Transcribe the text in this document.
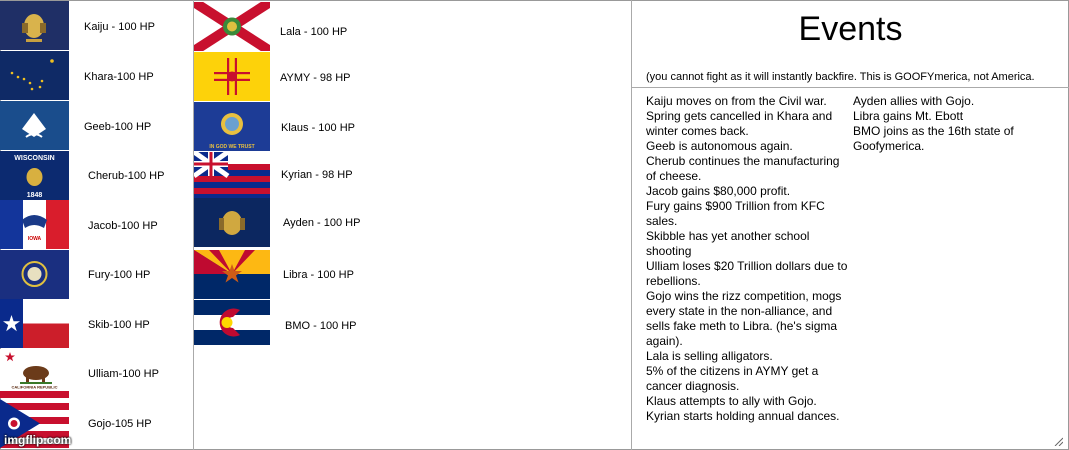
WISCONSIN
1848
IOWA
CALIFORNIA REPUBLIC
Kaiju - 100 HP
Khara-100 HP
Geeb-100 HP
Cherub-100 HP
Jacob-100 HP
Fury-100 HP
Skib-100 HP
Ulliam-100 HP
Gojo-105 HP
IN GOD WE TRUST
Lala - 100 HP
AYMY - 98 HP
Klaus - 100 HP
Kyrian - 98 HP
Ayden - 100 HP
Libra - 100 HP
BMO - 100 HP
Events
(you cannot fight as it will instantly backfire. This is GOOFYmerica, not America.
Kaiju moves on from the Civil war.
Spring gets cancelled in Khara and
winter comes back.
Geeb is autonomous again.
Cherub continues the manufacturing
of cheese.
Jacob gains $80,000 profit.
Fury gains $900 Trillion from KFC
sales.
Skibble has yet another school
shooting
Ulliam loses $20 Trillion dollars due to
rebellions.
Gojo wins the rizz competition, mogs
every state in the non-alliance, and
sells fake meth to Libra. (he's sigma
again).
Lala is selling alligators.
5% of the citizens in AYMY get a
cancer diagnosis.
Klaus attempts to ally with Gojo.
Kyrian starts holding annual dances.
Ayden allies with Gojo.
Libra gains Mt. Ebott
BMO joins as the 16th state of
Goofymerica.
imgflip.com
